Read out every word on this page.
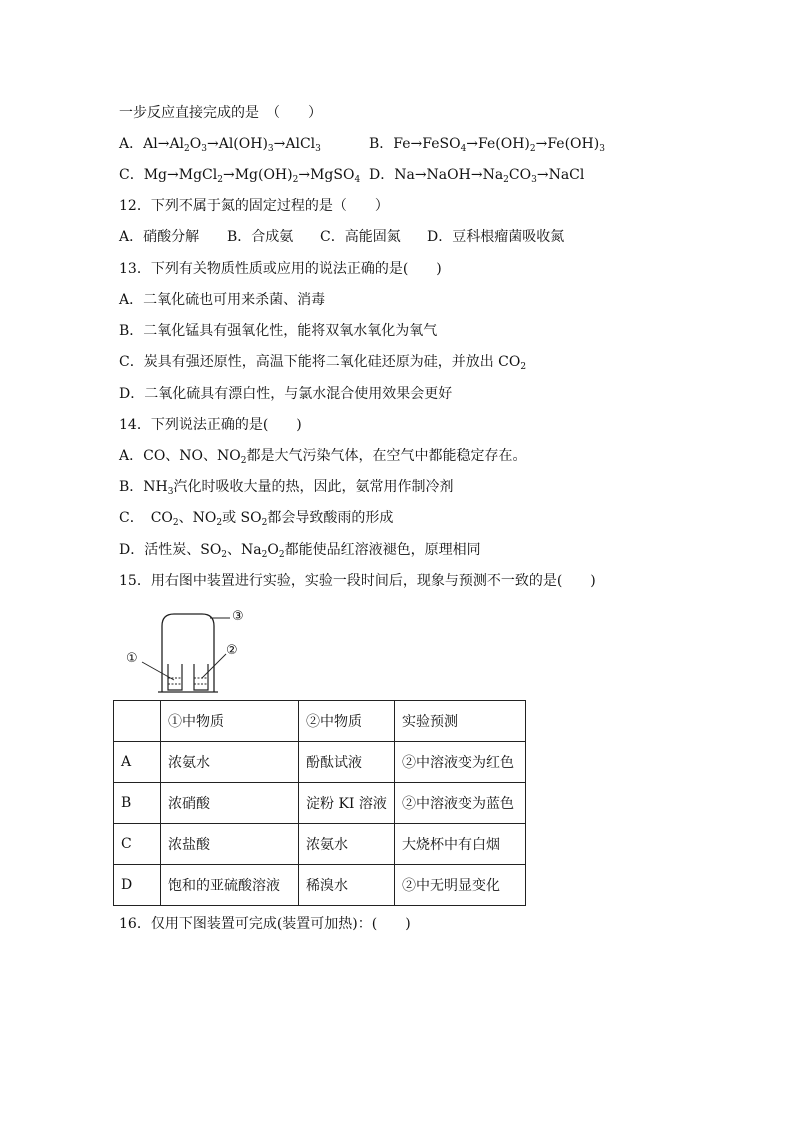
一步反应直接完成的是　（　　）
A．$Al\to Al_2O_3\to Al(OH)_3\to AlCl_3$	B．$Fe\to FeSO_4\to Fe(OH)_2\to Fe(OH)_3$
C．$Mg\to MgCl_2\to Mg(OH)_2\to MgSO_4$ D．$Na\to NaOH\to Na_2CO_3\to NaCl$
12．下列不属于氮的固定过程的是（　　）
A．硝酸分解 B．合成氨 C．高能固氮 D．豆科根瘤菌吸收氮
13．下列有关物质性质或应用的说法正确的是(　　)
A．二氧化硫也可用来杀菌、消毒
B．二氧化锰具有强氧化性，能将双氧水氧化为氧气
C．炭具有强还原性，高温下能将二氧化硅还原为硅，并放出 $CO_2$
D．二氧化硫具有漂白性，与氯水混合使用效果会更好
14．下列说法正确的是(　　)
A．CO、NO、$NO_2$都是大气污染气体，在空气中都能稳定存在。
B．$NH_3$汽化时吸收大量的热，因此，氨常用作制冷剂
C．　$CO_2$、$NO_2$或 $SO_2$都会导致酸雨的形成
D．活性炭、$SO_2$、$Na_2O_2$都能使品红溶液褪色，原理相同
15．用右图中装置进行实验，实验一段时间后，现象与预测不一致的是(　　)
①
②
③
	①中物质	②中物质	实验预测
A	浓氨水	酚酞试液	②中溶液变为红色
B	浓硝酸	淀粉 KI 溶液	②中溶液变为蓝色
C	浓盐酸	浓氨水	大烧杯中有白烟
D	饱和的亚硫酸溶液	稀溴水	②中无明显变化
16．仅用下图装置可完成(装置可加热)：(　　)
